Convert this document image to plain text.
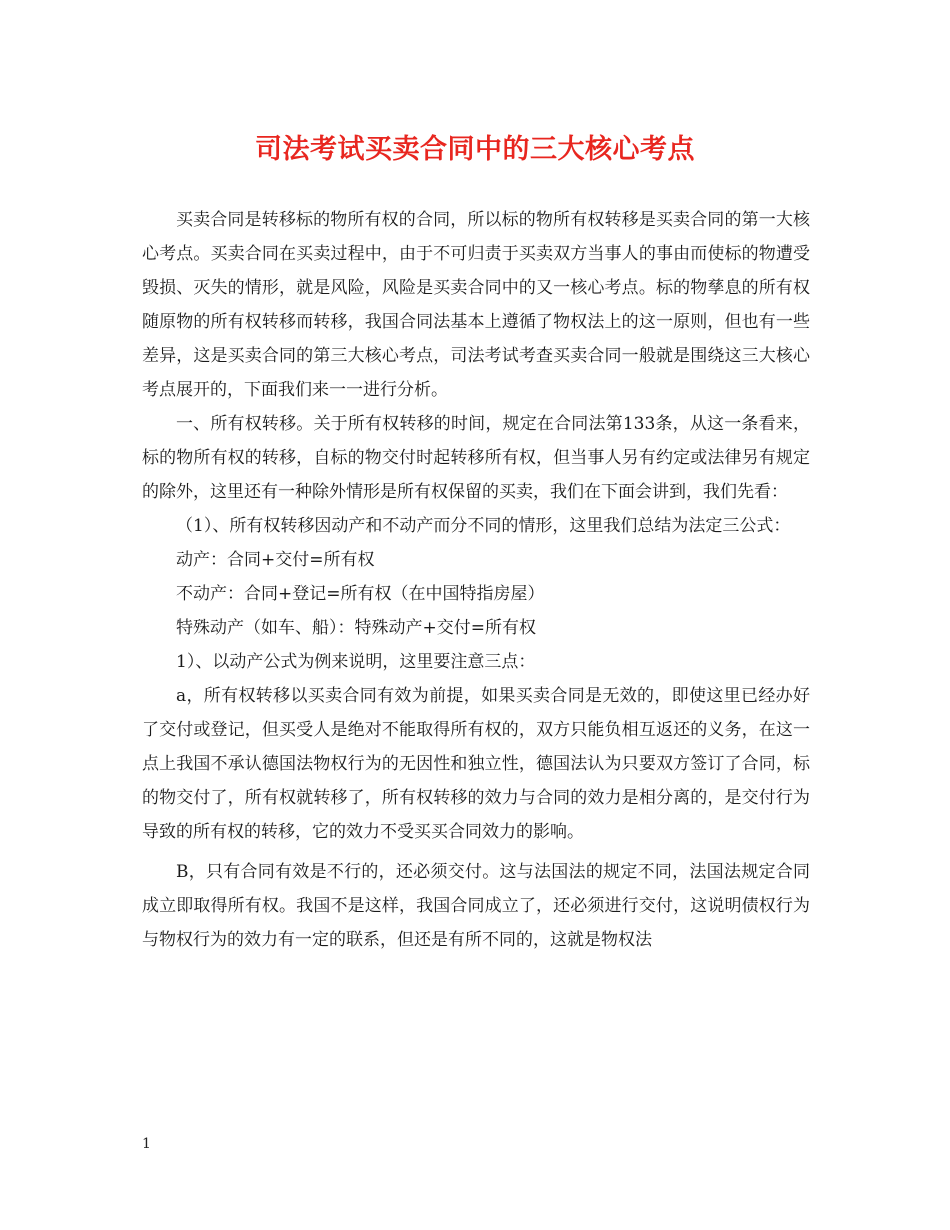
司法考试买卖合同中的三大核心考点

买卖合同是转移标的物所有权的合同，所以标的物所有权转移是买卖合同的第一大核心考点。买卖合同在买卖过程中，由于不可归责于买卖双方当事人的事由而使标的物遭受毁损、灭失的情形，就是风险，风险是买卖合同中的又一核心考点。标的物孳息的所有权随原物的所有权转移而转移，我国合同法基本上遵循了物权法上的这一原则，但也有一些差异，这是买卖合同的第三大核心考点，司法考试考查买卖合同一般就是围绕这三大核心考点展开的，下面我们来一一进行分析。

一、所有权转移。关于所有权转移的时间，规定在合同法第133条，从这一条看来，标的物所有权的转移，自标的物交付时起转移所有权，但当事人另有约定或法律另有规定的除外，这里还有一种除外情形是所有权保留的买卖，我们在下面会讲到，我们先看：

（1）、所有权转移因动产和不动产而分不同的情形，这里我们总结为法定三公式：

动产：合同+交付=所有权

不动产：合同+登记=所有权（在中国特指房屋）

特殊动产（如车、船）：特殊动产+交付=所有权

1）、以动产公式为例来说明，这里要注意三点：

a，所有权转移以买卖合同有效为前提，如果买卖合同是无效的，即使这里已经办好了交付或登记，但买受人是绝对不能取得所有权的，双方只能负相互返还的义务，在这一点上我国不承认德国法物权行为的无因性和独立性，德国法认为只要双方签订了合同，标的物交付了，所有权就转移了，所有权转移的效力与合同的效力是相分离的，是交付行为导致的所有权的转移，它的效力不受买买合同效力的影响。

B，只有合同有效是不行的，还必须交付。这与法国法的规定不同，法国法规定合同成立即取得所有权。我国不是这样，我国合同成立了，还必须进行交付，这说明债权行为与物权行为的效力有一定的联系，但还是有所不同的，这就是物权法

1
